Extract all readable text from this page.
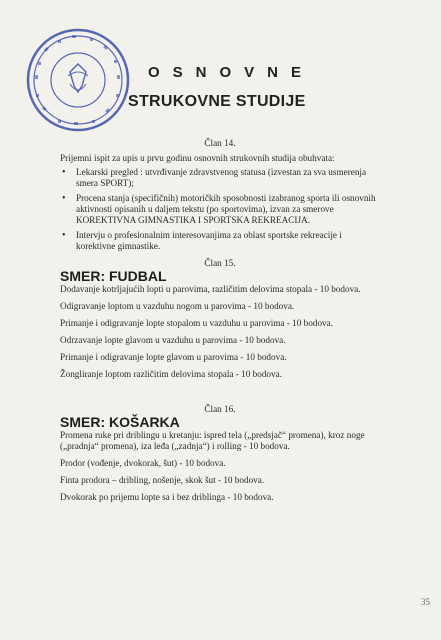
OSNOVNE
STRUKOVNE STUDIJE

Član 14.

Prijemni ispit za upis u prvu godinu osnovnih strukovnih studija obuhvata:

• Lekarski pregled : utvrđivanje zdravstvenog statusa (izvestan za sva usmerenja smera SPORT);
• Procena stanja (specifičnih) motoričkih sposobnosti izabranog sporta ili osnovnih aktivnosti opisanih u daljem tekstu (po sportovima), izvan za smerove KOREKTIVNA GIMNASTIKA I SPORTSKA REKREACIJA.
• Intervju o profesionalnim interesovanjima za oblast sportske rekreacije i korektivne gimnastike.

Član 15.

SMER: FUDBAL

Dodavanje kotrljajućih lopti u parovima, različitim delovima stopala - 10 bodova.

Odigravanje loptom u vazduhu nogom u parovima - 10 bodova.

Primanje i odigravanje lopte stopalom u vazduhu u parovima - 10 bodova.

Odrzavanje lopte glavom u vazduhu u parovima - 10 bodova.

Primanje i odigravanje lopte glavom u parovima - 10 bodova.

Žongliranje loptom različitim delovima stopala - 10 bodova.

Član 16.

SMER: KOŠARKA

Promena ruke pri driblingu u kretanju: ispred tela („predsjač“ promena), kroz noge („pradnja“ promena), iza leđa („zadnja“) i rolling - 10 bodova.

Prodor (vođenje, dvokorak, šut) - 10 bodova.

Finta prodora – dribling, nošenje, skok šut - 10 bodova.

Dvokorak po prijemu lopte sa i bez driblinga - 10 bodova.

35
